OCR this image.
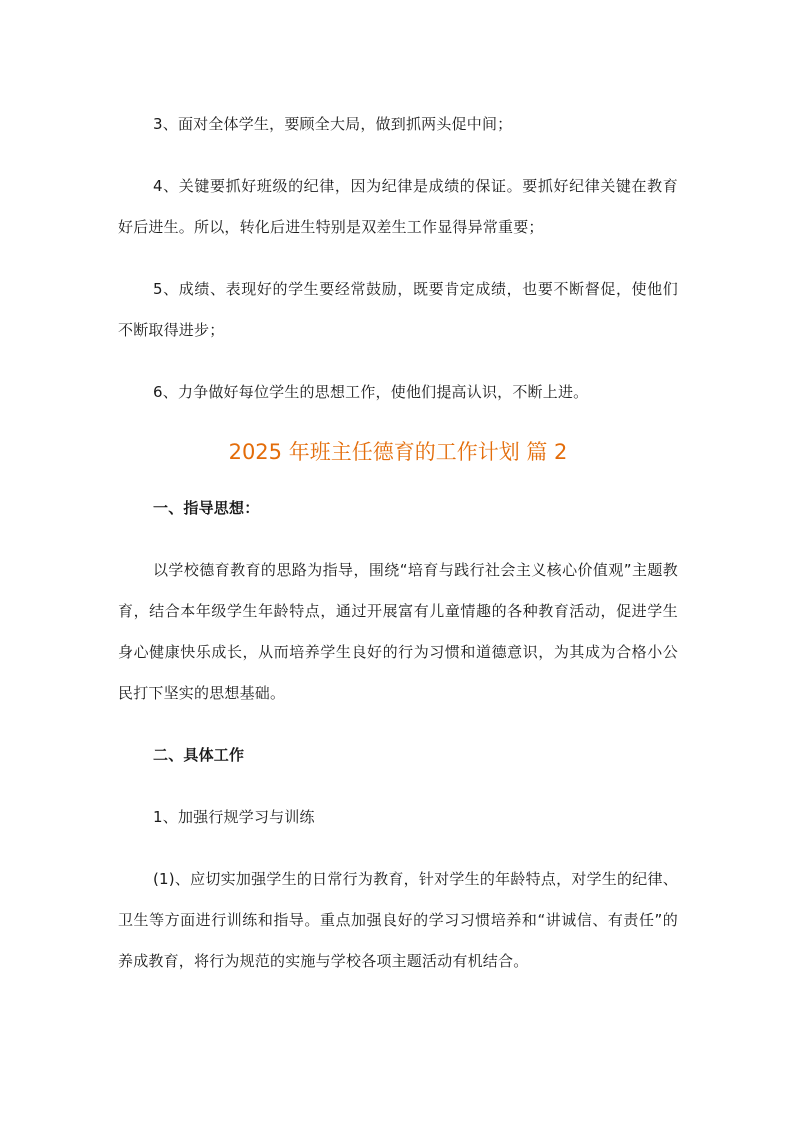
3、面对全体学生，要顾全大局，做到抓两头促中间；

4、关键要抓好班级的纪律，因为纪律是成绩的保证。要抓好纪律关键在教育好后进生。所以，转化后进生特别是双差生工作显得异常重要；

5、成绩、表现好的学生要经常鼓励，既要肯定成绩，也要不断督促，使他们不断取得进步；

6、力争做好每位学生的思想工作，使他们提高认识，不断上进。

2025 年班主任德育的工作计划 篇 2

一、指导思想：

以学校德育教育的思路为指导，围绕“培育与践行社会主义核心价值观”主题教育，结合本年级学生年龄特点，通过开展富有儿童情趣的各种教育活动，促进学生身心健康快乐成长，从而培养学生良好的行为习惯和道德意识，为其成为合格小公民打下坚实的思想基础。

二、具体工作

1、加强行规学习与训练

(1)、应切实加强学生的日常行为教育，针对学生的年龄特点，对学生的纪律、卫生等方面进行训练和指导。重点加强良好的学习习惯培养和“讲诚信、有责任”的养成教育，将行为规范的实施与学校各项主题活动有机结合。
